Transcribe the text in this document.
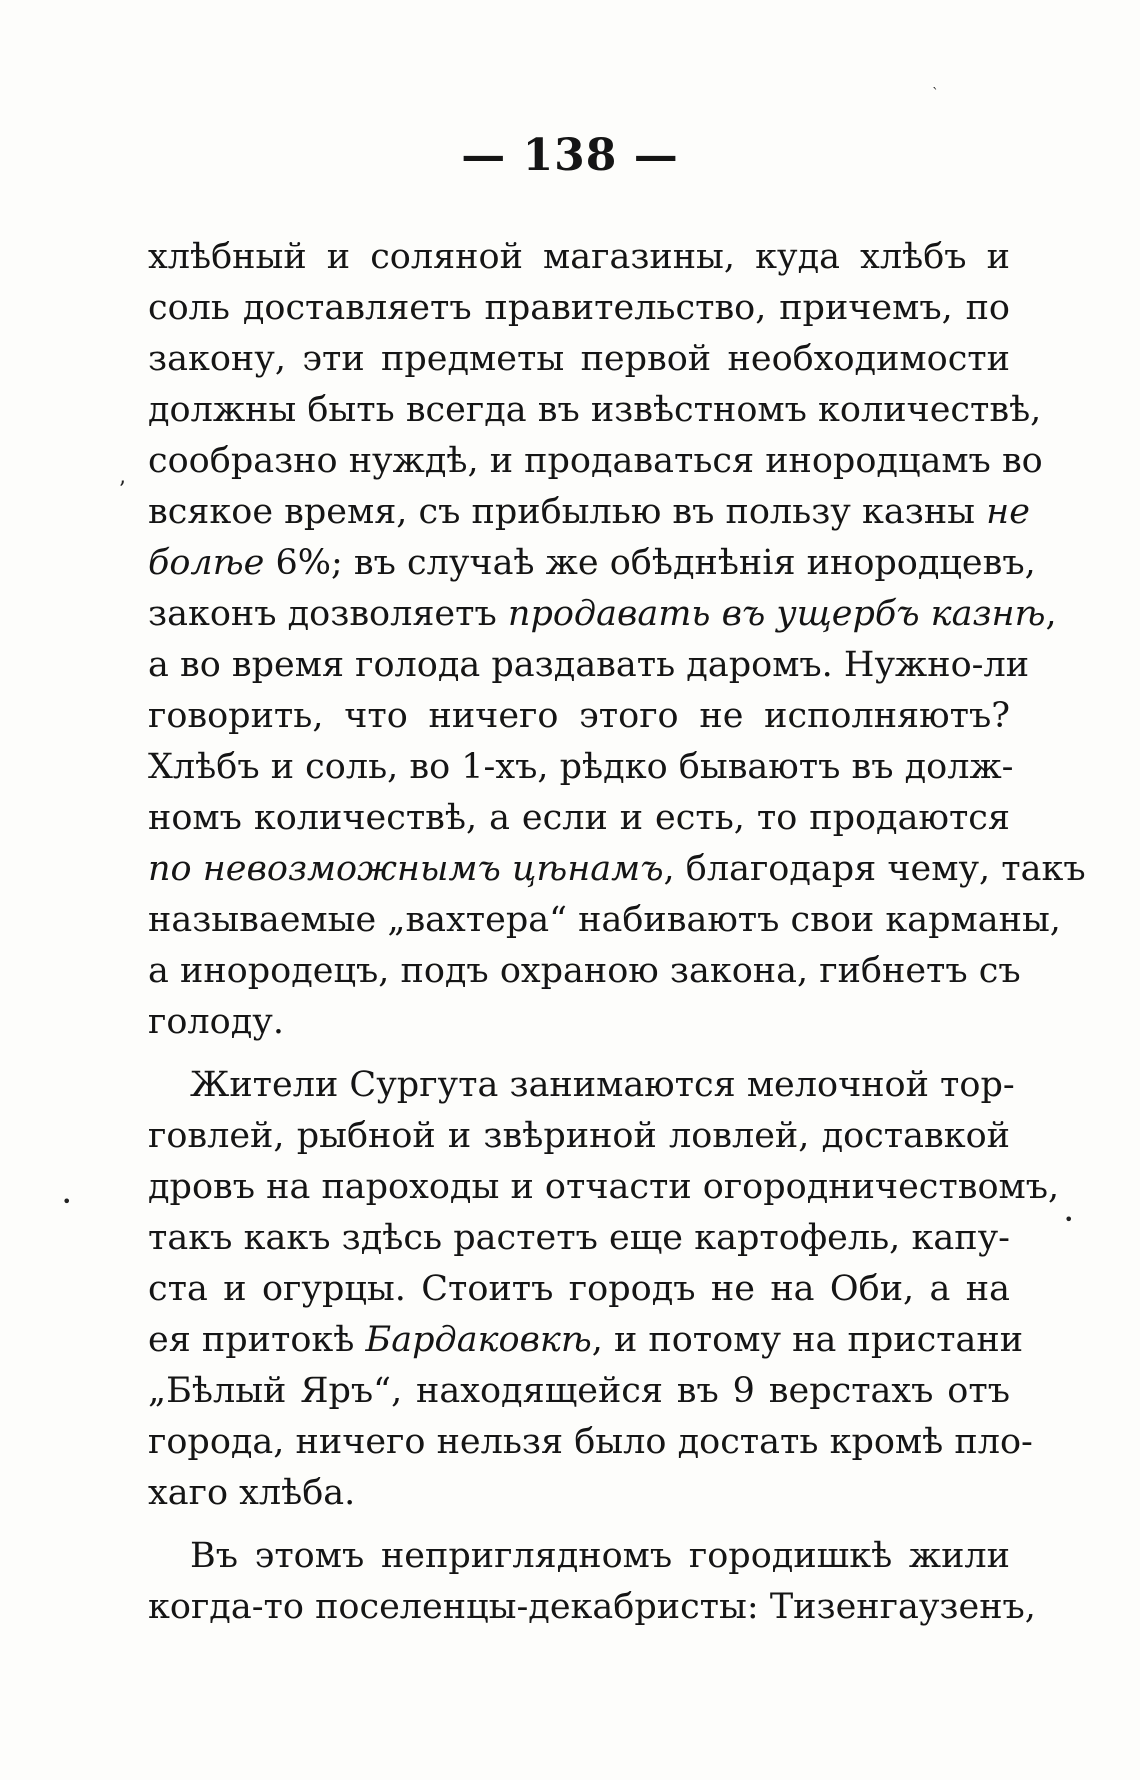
— 138 —
хлѣбный и соляной магазины, куда хлѣбъ и
соль доставляетъ правительство, причемъ, по
закону, эти предметы первой необходимости
должны быть всегда въ извѣстномъ количествѣ,
сообразно нуждѣ, и продаваться инородцамъ во
всякое время, съ прибылью въ пользу казны не
болѣе 6%; въ случаѣ же обѣднѣнія инородцевъ,
законъ дозволяетъ продавать въ ущербъ казнѣ,
а во время голода раздавать даромъ. Нужно-ли
говорить, что ничего этого не исполняютъ?
Хлѣбъ и соль, во 1-хъ, рѣдко бываютъ въ долж-
номъ количествѣ, а если и есть, то продаются
по невозможнымъ цѣнамъ, благодаря чему, такъ
называемые „вахтера“ набиваютъ свои карманы,
а инородецъ, подъ охраною закона, гибнетъ съ
голоду.
Жители Сургута занимаются мелочной тор-
говлей, рыбной и звѣриной ловлей, доставкой
дровъ на пароходы и отчасти огородничествомъ,
такъ какъ здѣсь растетъ еще картофель, капу-
ста и огурцы. Стоитъ городъ не на Оби, а на
ея притокѣ Бардаковкѣ, и потому на пристани
„Бѣлый Яръ“, находящейся въ 9 верстахъ отъ
города, ничего нельзя было достать кромѣ пло-
хаго хлѣба.
Въ этомъ неприглядномъ городишкѣ жили
когда-то поселенцы-декабристы: Тизенгаузенъ,
ʼ
•
•
ˋ
